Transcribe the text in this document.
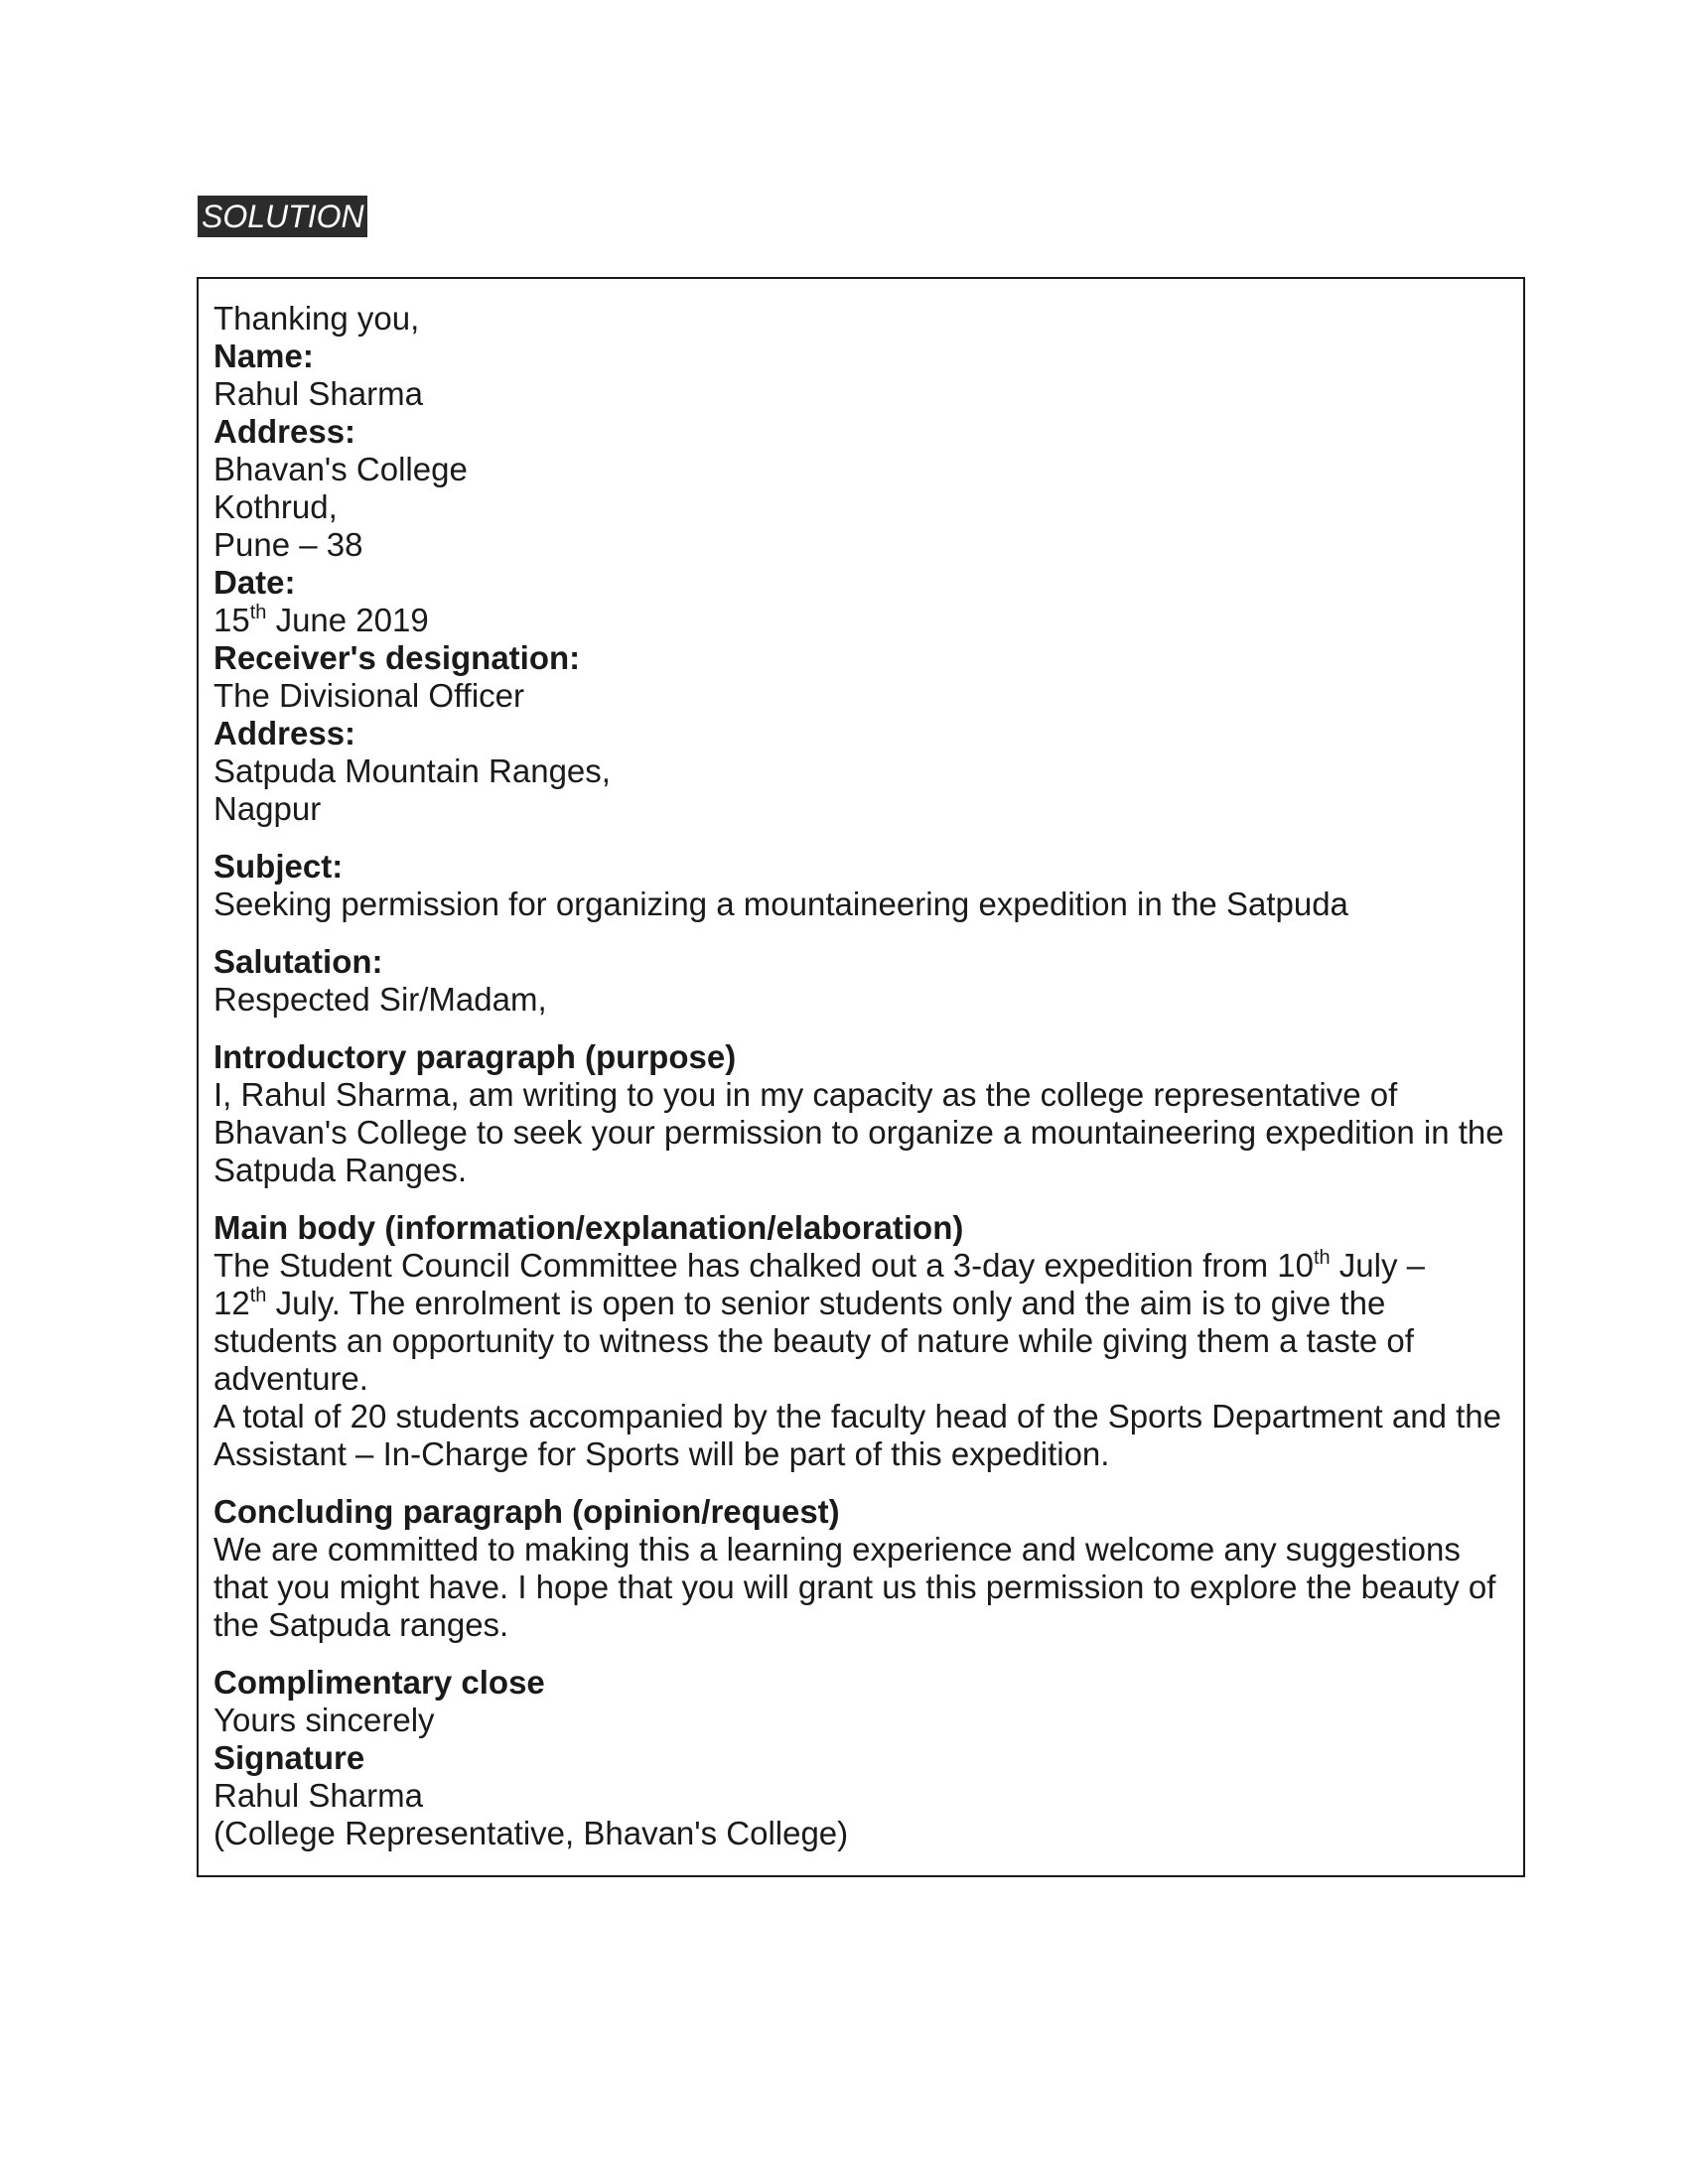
SOLUTION
Thanking you,
Name:
Rahul Sharma
Address:
Bhavan's College
Kothrud,
Pune – 38
Date:
15th June 2019
Receiver's designation:
The Divisional Officer
Address:
Satpuda Mountain Ranges,
Nagpur
Subject:
Seeking permission for organizing a mountaineering expedition in the Satpuda
Salutation:
Respected Sir/Madam,
Introductory paragraph (purpose)
I, Rahul Sharma, am writing to you in my capacity as the college representative of
Bhavan's College to seek your permission to organize a mountaineering expedition in the
Satpuda Ranges.
Main body (information/explanation/elaboration)
The Student Council Committee has chalked out a 3-day expedition from 10th July –
12th July. The enrolment is open to senior students only and the aim is to give the
students an opportunity to witness the beauty of nature while giving them a taste of
adventure.
A total of 20 students accompanied by the faculty head of the Sports Department and the
Assistant – In-Charge for Sports will be part of this expedition.
Concluding paragraph (opinion/request)
We are committed to making this a learning experience and welcome any suggestions
that you might have. I hope that you will grant us this permission to explore the beauty of
the Satpuda ranges.
Complimentary close
Yours sincerely
Signature
Rahul Sharma
(College Representative, Bhavan's College)
